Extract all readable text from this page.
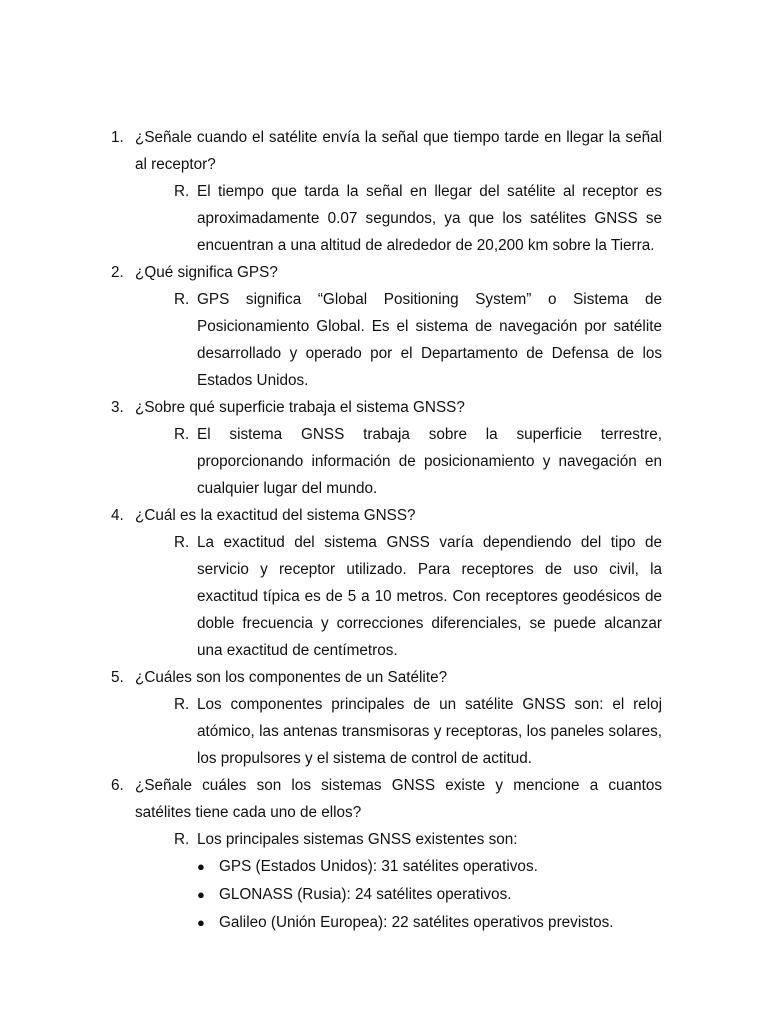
1. ¿Señale cuando el satélite envía la señal que tiempo tarde en llegar la señal al receptor?
R. El tiempo que tarda la señal en llegar del satélite al receptor es aproximadamente 0.07 segundos, ya que los satélites GNSS se encuentran a una altitud de alrededor de 20,200 km sobre la Tierra.
2. ¿Qué significa GPS?
R. GPS significa “Global Positioning System” o Sistema de Posicionamiento Global. Es el sistema de navegación por satélite desarrollado y operado por el Departamento de Defensa de los Estados Unidos.
3. ¿Sobre qué superficie trabaja el sistema GNSS?
R. El sistema GNSS trabaja sobre la superficie terrestre, proporcionando información de posicionamiento y navegación en cualquier lugar del mundo.
4. ¿Cuál es la exactitud del sistema GNSS?
R. La exactitud del sistema GNSS varía dependiendo del tipo de servicio y receptor utilizado. Para receptores de uso civil, la exactitud típica es de 5 a 10 metros. Con receptores geodésicos de doble frecuencia y correcciones diferenciales, se puede alcanzar una exactitud de centímetros.
5. ¿Cuáles son los componentes de un Satélite?
R. Los componentes principales de un satélite GNSS son: el reloj atómico, las antenas transmisoras y receptoras, los paneles solares, los propulsores y el sistema de control de actitud.
6. ¿Señale cuáles son los sistemas GNSS existe y mencione a cuantos satélites tiene cada uno de ellos?
R. Los principales sistemas GNSS existentes son:
● GPS (Estados Unidos): 31 satélites operativos.
● GLONASS (Rusia): 24 satélites operativos.
● Galileo (Unión Europea): 22 satélites operativos previstos.
